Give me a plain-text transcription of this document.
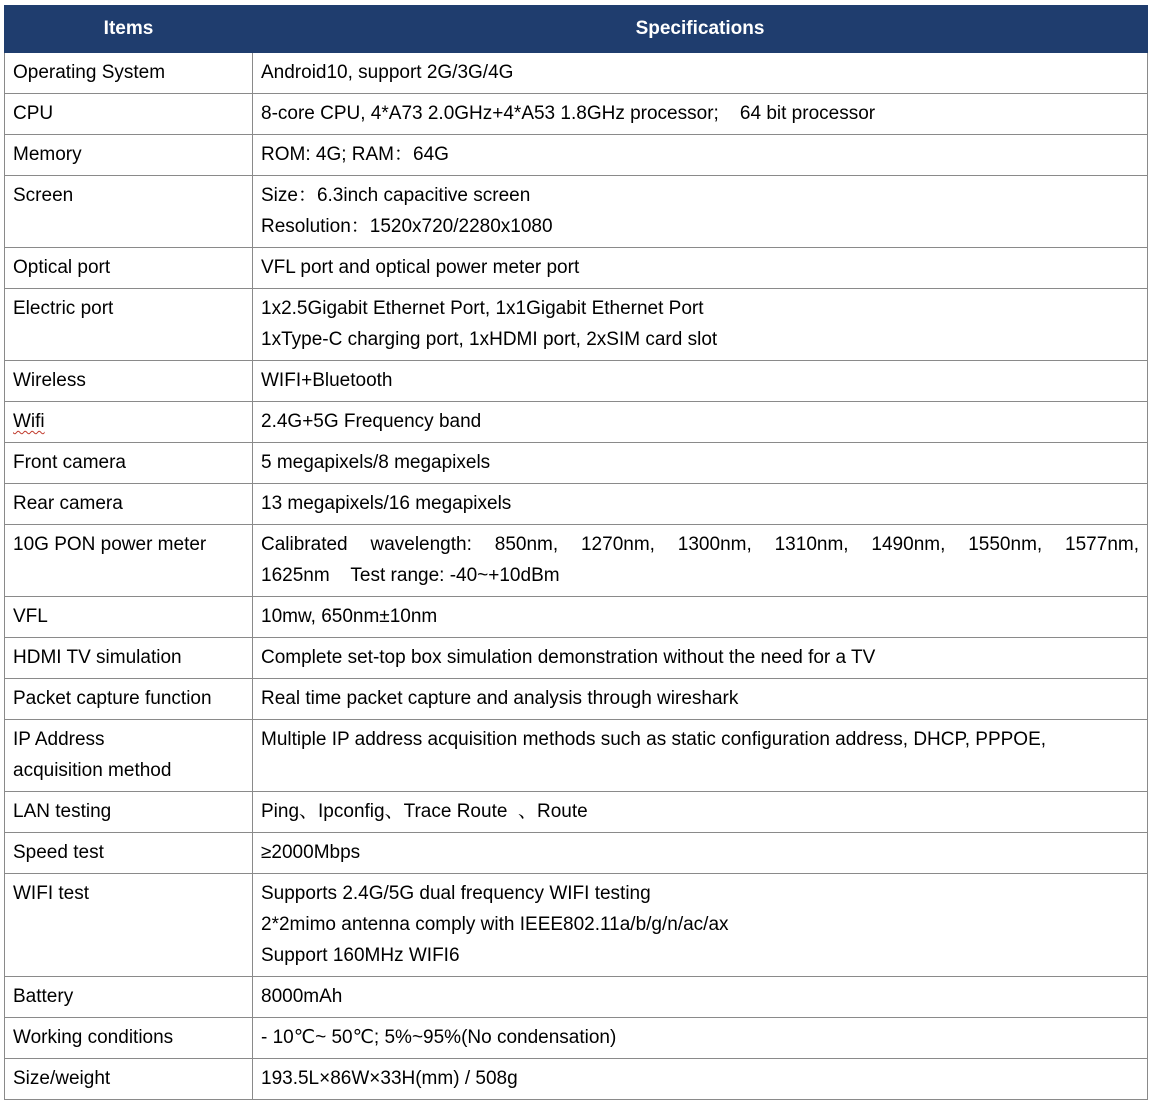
Items	Specifications
Operating System	Android10, support 2G/3G/4G

CPU	8-core CPU, 4*A73 2.0GHz+4*A53 1.8GHz processor;    64 bit processor

Memory	ROM: 4G; RAM：64G

Screen	Size：6.3inch capacitive screen
Resolution：1520x720/2280x1080

Optical port	VFL port and optical power meter port

Electric port	1x2.5Gigabit Ethernet Port, 1x1Gigabit Ethernet Port
1xType-C charging port, 1xHDMI port, 2xSIM card slot

Wireless	WIFI+Bluetooth

Wifi	2.4G+5G Frequency band

Front camera	5 megapixels/8 megapixels

Rear camera	13 megapixels/16 megapixels

10G PON power meter	Calibrated wavelength: 850nm, 1270nm, 1300nm, 1310nm, 1490nm, 1550nm, 1577nm,
1625nm    Test range: -40~+10dBm

VFL	10mw, 650nm±10nm

HDMI TV simulation	Complete set-top box simulation demonstration without the need for a TV

Packet capture function	Real time packet capture and analysis through wireshark

IP Address
acquisition method	Multiple IP address acquisition methods such as static configuration address, DHCP, PPPOE,

LAN testing	Ping、Ipconfig、Trace Route  、Route

Speed test	≥2000Mbps

WIFI test	Supports 2.4G/5G dual frequency WIFI testing
2*2mimo antenna comply with IEEE802.11a/b/g/n/ac/ax
Support 160MHz WIFI6

Battery	8000mAh

Working conditions	- 10℃~ 50℃; 5%~95%(No condensation)

Size/weight	193.5L×86W×33H(mm) / 508g
